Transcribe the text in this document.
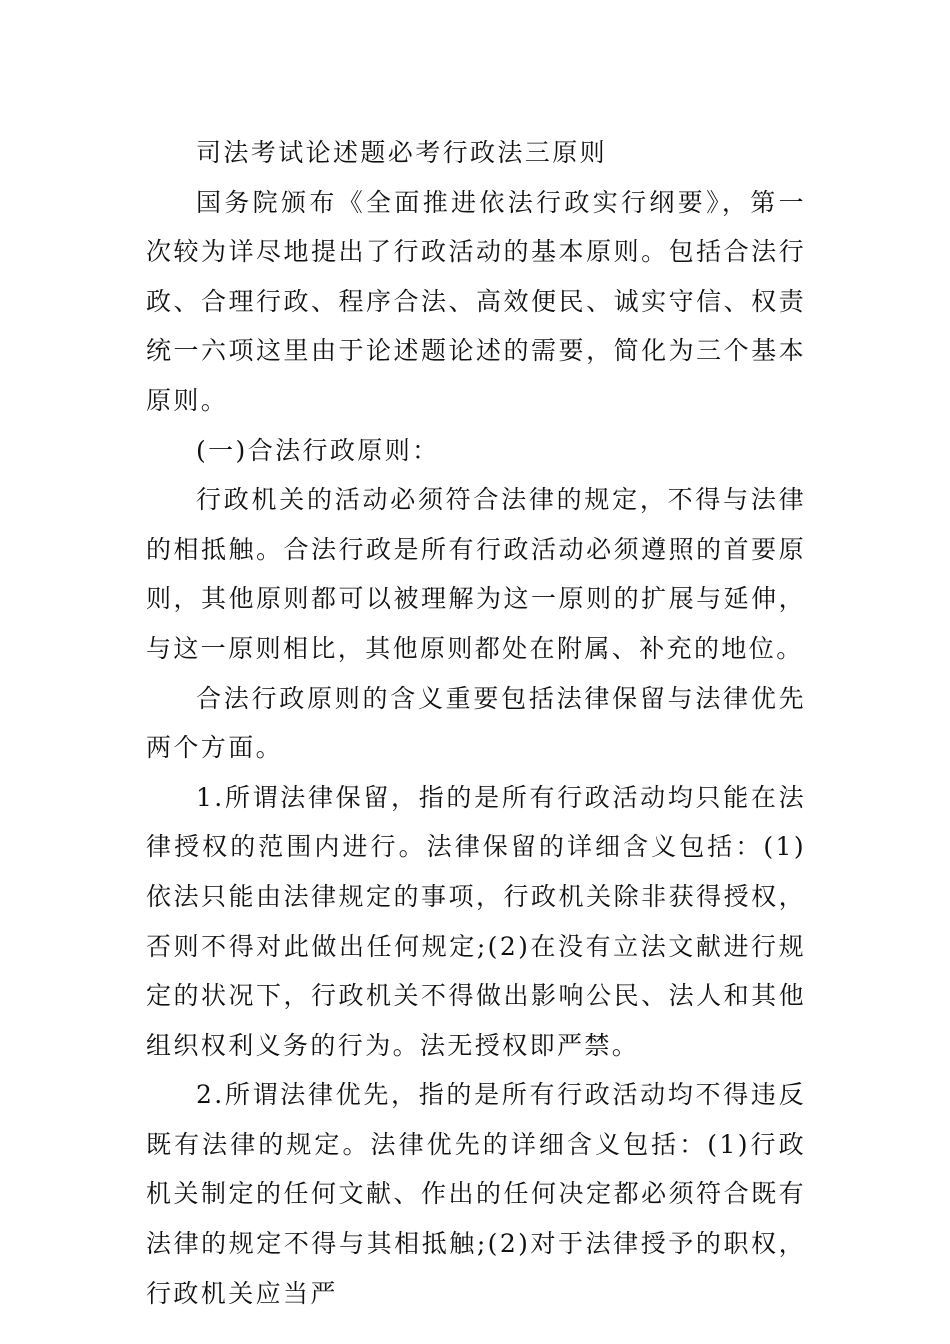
司法考试论述题必考行政法三原则

国务院颁布《全面推进依法行政实行纲要》，第一次较为详尽地提出了行政活动的基本原则。包括合法行政、合理行政、程序合法、高效便民、诚实守信、权责统一六项这里由于论述题论述的需要，简化为三个基本原则。

(一)合法行政原则：

行政机关的活动必须符合法律的规定，不得与法律的相抵触。合法行政是所有行政活动必须遵照的首要原则，其他原则都可以被理解为这一原则的扩展与延伸，与这一原则相比，其他原则都处在附属、补充的地位。

合法行政原则的含义重要包括法律保留与法律优先两个方面。

1.所谓法律保留，指的是所有行政活动均只能在法律授权的范围内进行。法律保留的详细含义包括：(1)依法只能由法律规定的事项，行政机关除非获得授权，否则不得对此做出任何规定;(2)在没有立法文献进行规定的状况下，行政机关不得做出影响公民、法人和其他组织权利义务的行为。法无授权即严禁。

2.所谓法律优先，指的是所有行政活动均不得违反既有法律的规定。法律优先的详细含义包括：(1)行政机关制定的任何文献、作出的任何决定都必须符合既有法律的规定不得与其相抵触;(2)对于法律授予的职权，行政机关应当严
